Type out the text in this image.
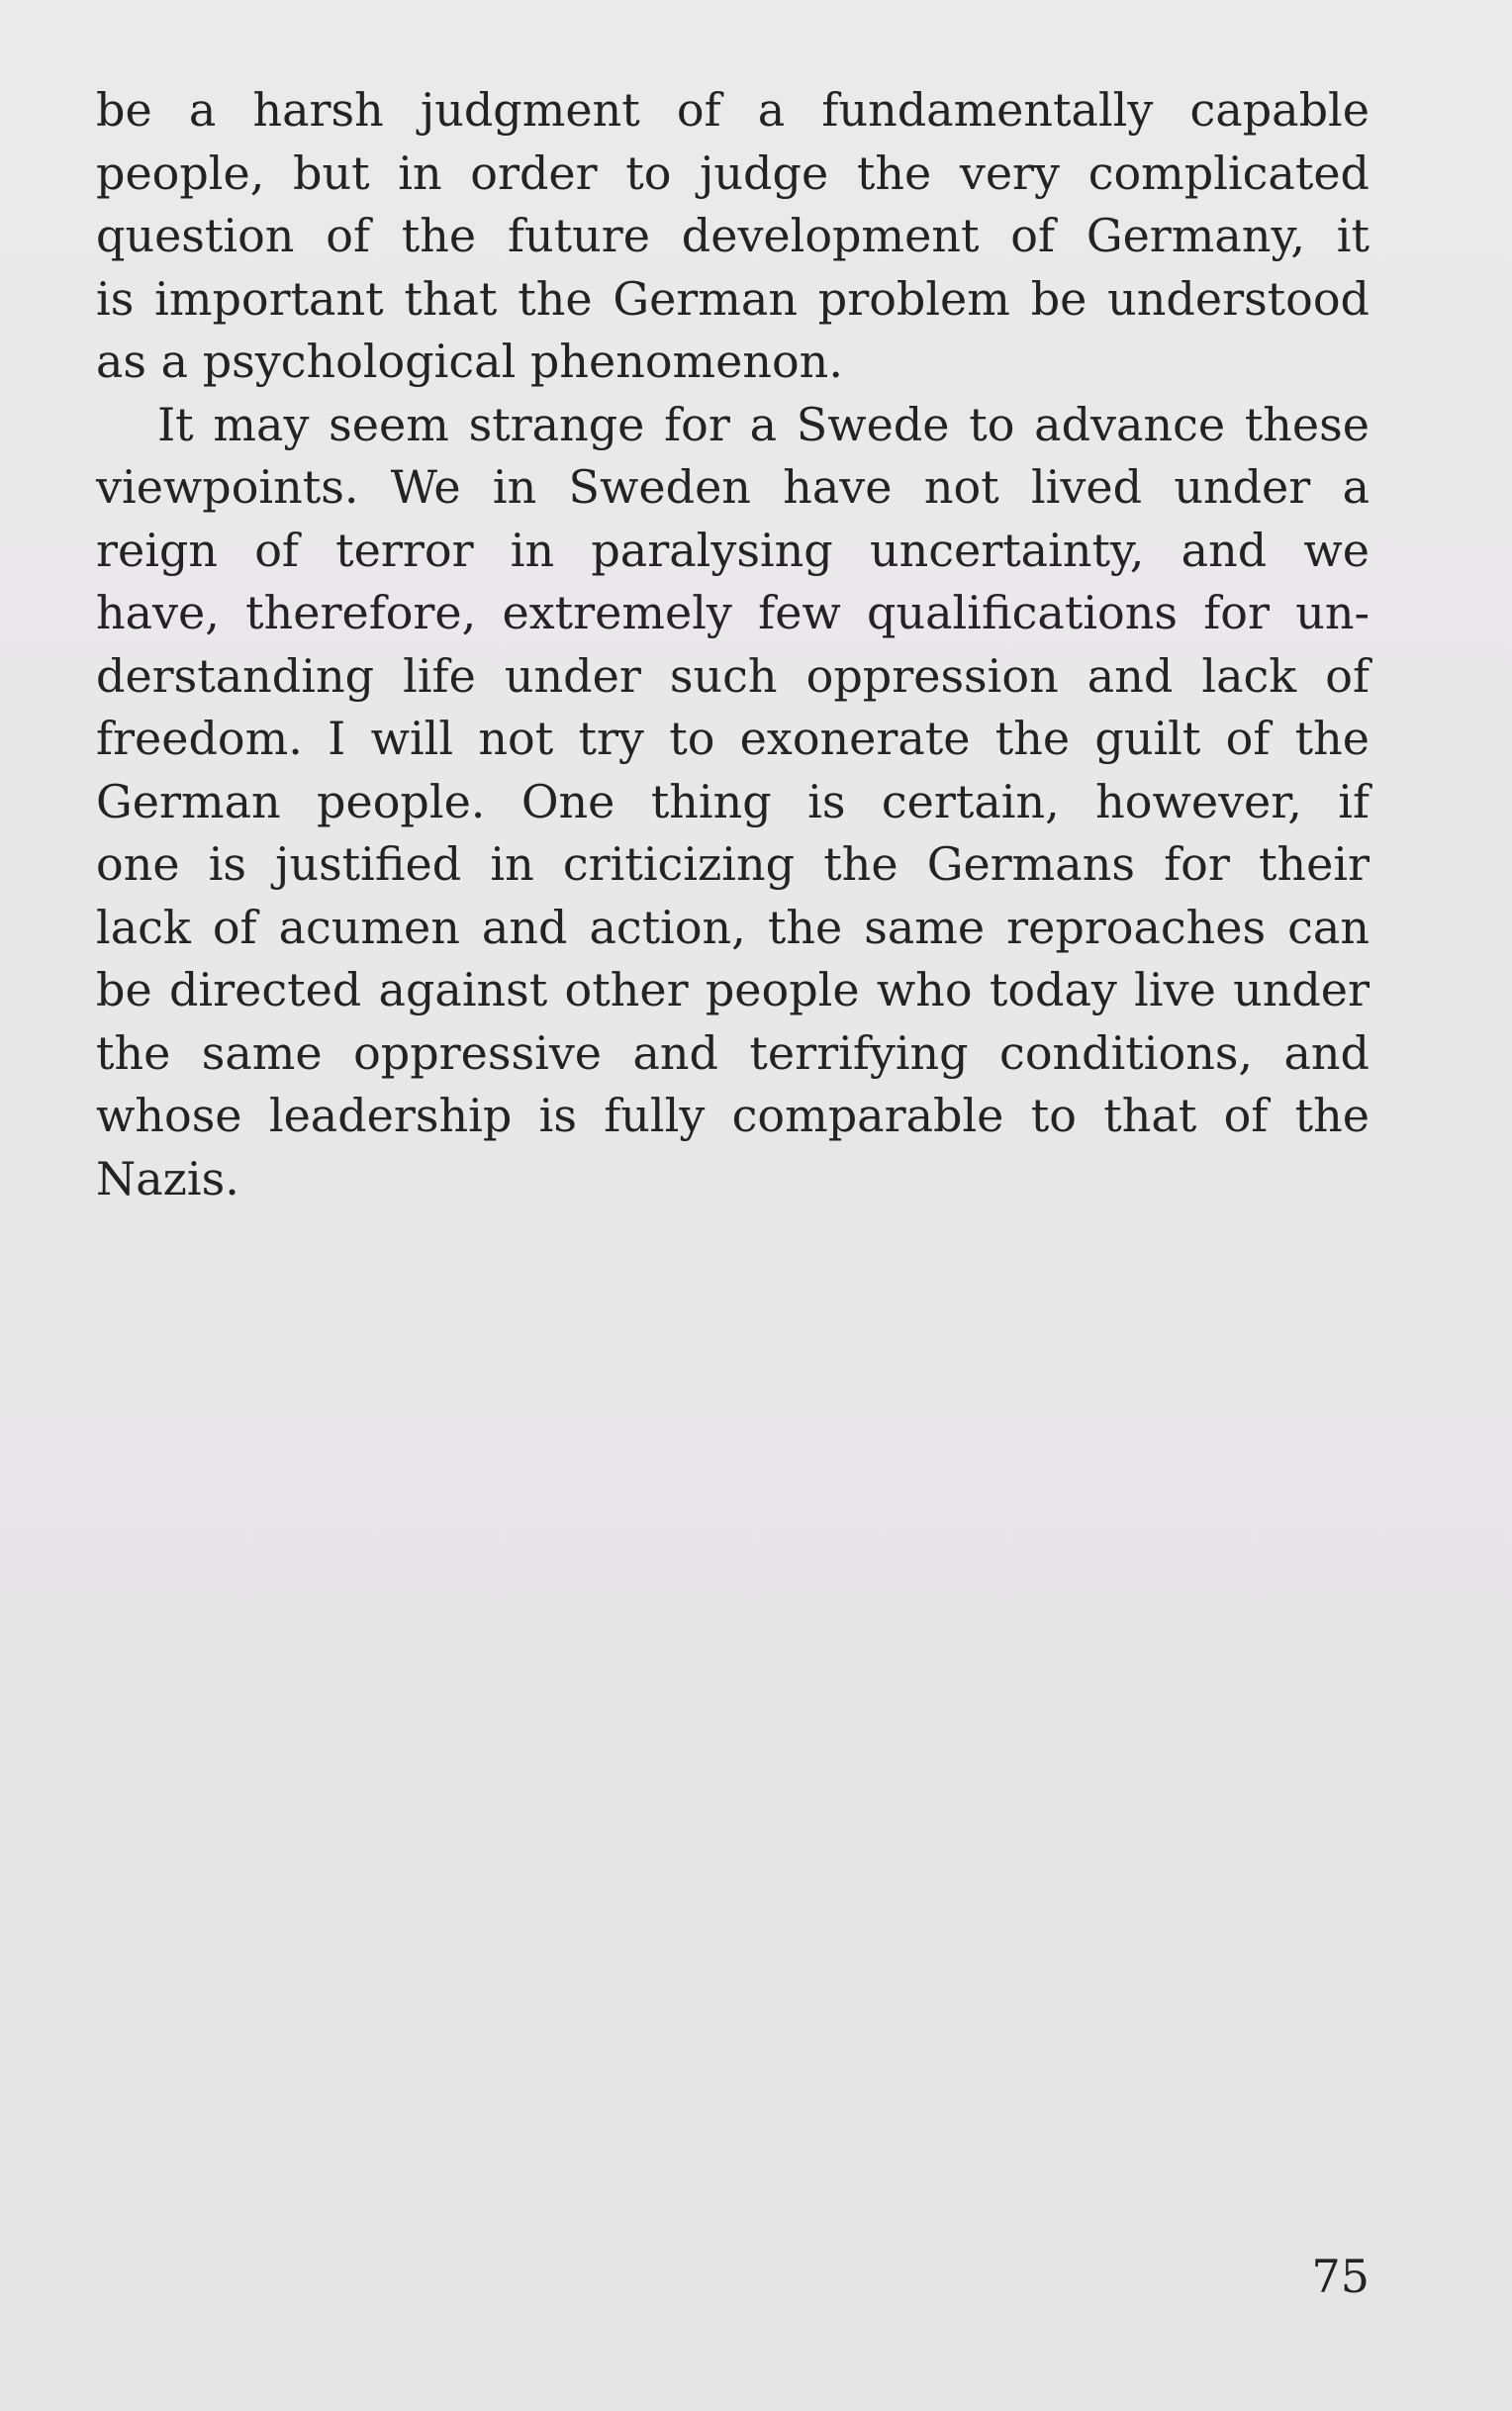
be a harsh judgment of a fundamentally capable
people, but in order to judge the very complicated
question of the future development of Germany, it
is important that the German problem be understood
as a psychological phenomenon.
It may seem strange for a Swede to advance these
viewpoints. We in Sweden have not lived under a
reign of terror in paralysing uncertainty, and we
have, therefore, extremely few qualifications for un-
derstanding life under such oppression and lack of
freedom. I will not try to exonerate the guilt of the
German people. One thing is certain, however, if
one is justified in criticizing the Germans for their
lack of acumen and action, the same reproaches can
be directed against other people who today live under
the same oppressive and terrifying conditions, and
whose leadership is fully comparable to that of the
Nazis.
75
